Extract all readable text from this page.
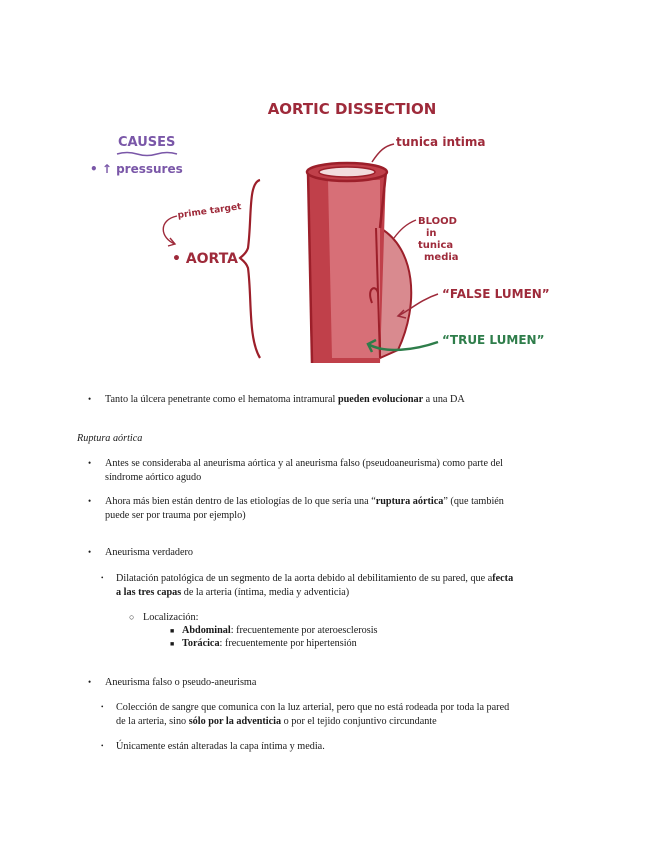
AORTIC DISSECTION
CAUSES
• ↑ pressures
prime target
• AORTA
tunica intima
BLOOD
in
tunica
media
“FALSE LUMEN”
“TRUE LUMEN”
• Tanto la úlcera penetrante como el hematoma intramural pueden evolucionar a una DA
Ruptura aórtica
• Antes se consideraba al aneurisma aórtica y al aneurisma falso (pseudoaneurisma) como parte del
síndrome aórtico agudo
• Ahora más bien están dentro de las etiologías de lo que sería una “ruptura aórtica” (que también
puede ser por trauma por ejemplo)
• Aneurisma verdadero
• Dilatación patológica de un segmento de la aorta debido al debilitamiento de su pared, que afecta
a las tres capas de la arteria (íntima, media y adventicia)
○ Localización:
■ Abdominal: frecuentemente por ateroesclerosis
■ Torácica: frecuentemente por hipertensión
• Aneurisma falso o pseudo-aneurisma
• Colección de sangre que comunica con la luz arterial, pero que no está rodeada por toda la pared
de la arteria, sino sólo por la adventicia o por el tejido conjuntivo circundante
• Únicamente están alteradas la capa íntima y media.
